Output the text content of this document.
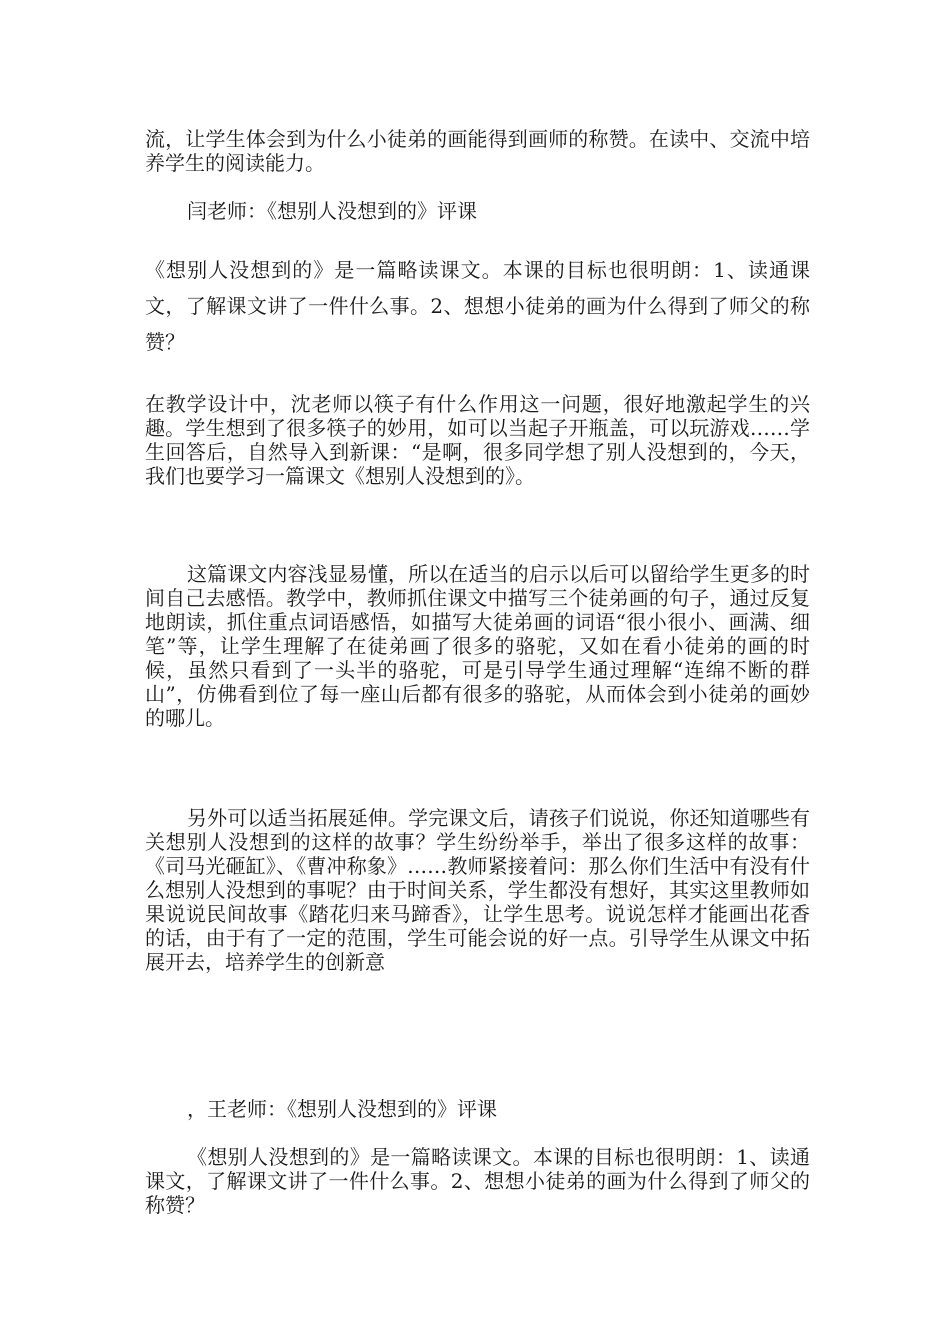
流，让学生体会到为什么小徒弟的画能得到画师的称赞。在读中、交流中培养学生的阅读能力。

闫老师：《想别人没想到的》评课

《想别人没想到的》是一篇略读课文。本课的目标也很明朗：1、读通课文，了解课文讲了一件什么事。2、想想小徒弟的画为什么得到了师父的称赞？

在教学设计中，沈老师以筷子有什么作用这一问题，很好地激起学生的兴趣。学生想到了很多筷子的妙用，如可以当起子开瓶盖，可以玩游戏……学生回答后，自然导入到新课：“是啊，很多同学想了别人没想到的，今天，我们也要学习一篇课文《想别人没想到的》。

这篇课文内容浅显易懂，所以在适当的启示以后可以留给学生更多的时间自己去感悟。教学中，教师抓住课文中描写三个徒弟画的句子，通过反复地朗读，抓住重点词语感悟，如描写大徒弟画的词语“很小很小、画满、细笔”等，让学生理解了在徒弟画了很多的骆驼，又如在看小徒弟的画的时候，虽然只看到了一头半的骆驼，可是引导学生通过理解“连绵不断的群山”，仿佛看到位了每一座山后都有很多的骆驼，从而体会到小徒弟的画妙的哪儿。

另外可以适当拓展延伸。学完课文后，请孩子们说说，你还知道哪些有关想别人没想到的这样的故事？学生纷纷举手，举出了很多这样的故事：《司马光砸缸》、《曹冲称象》……教师紧接着问：那么你们生活中有没有什么想别人没想到的事呢？由于时间关系，学生都没有想好，其实这里教师如果说说民间故事《踏花归来马蹄香》，让学生思考。说说怎样才能画出花香的话，由于有了一定的范围，学生可能会说的好一点。引导学生从课文中拓展开去，培养学生的创新意

，王老师：《想别人没想到的》评课

《想别人没想到的》是一篇略读课文。本课的目标也很明朗：1、读通课文，了解课文讲了一件什么事。2、想想小徒弟的画为什么得到了师父的称赞？
